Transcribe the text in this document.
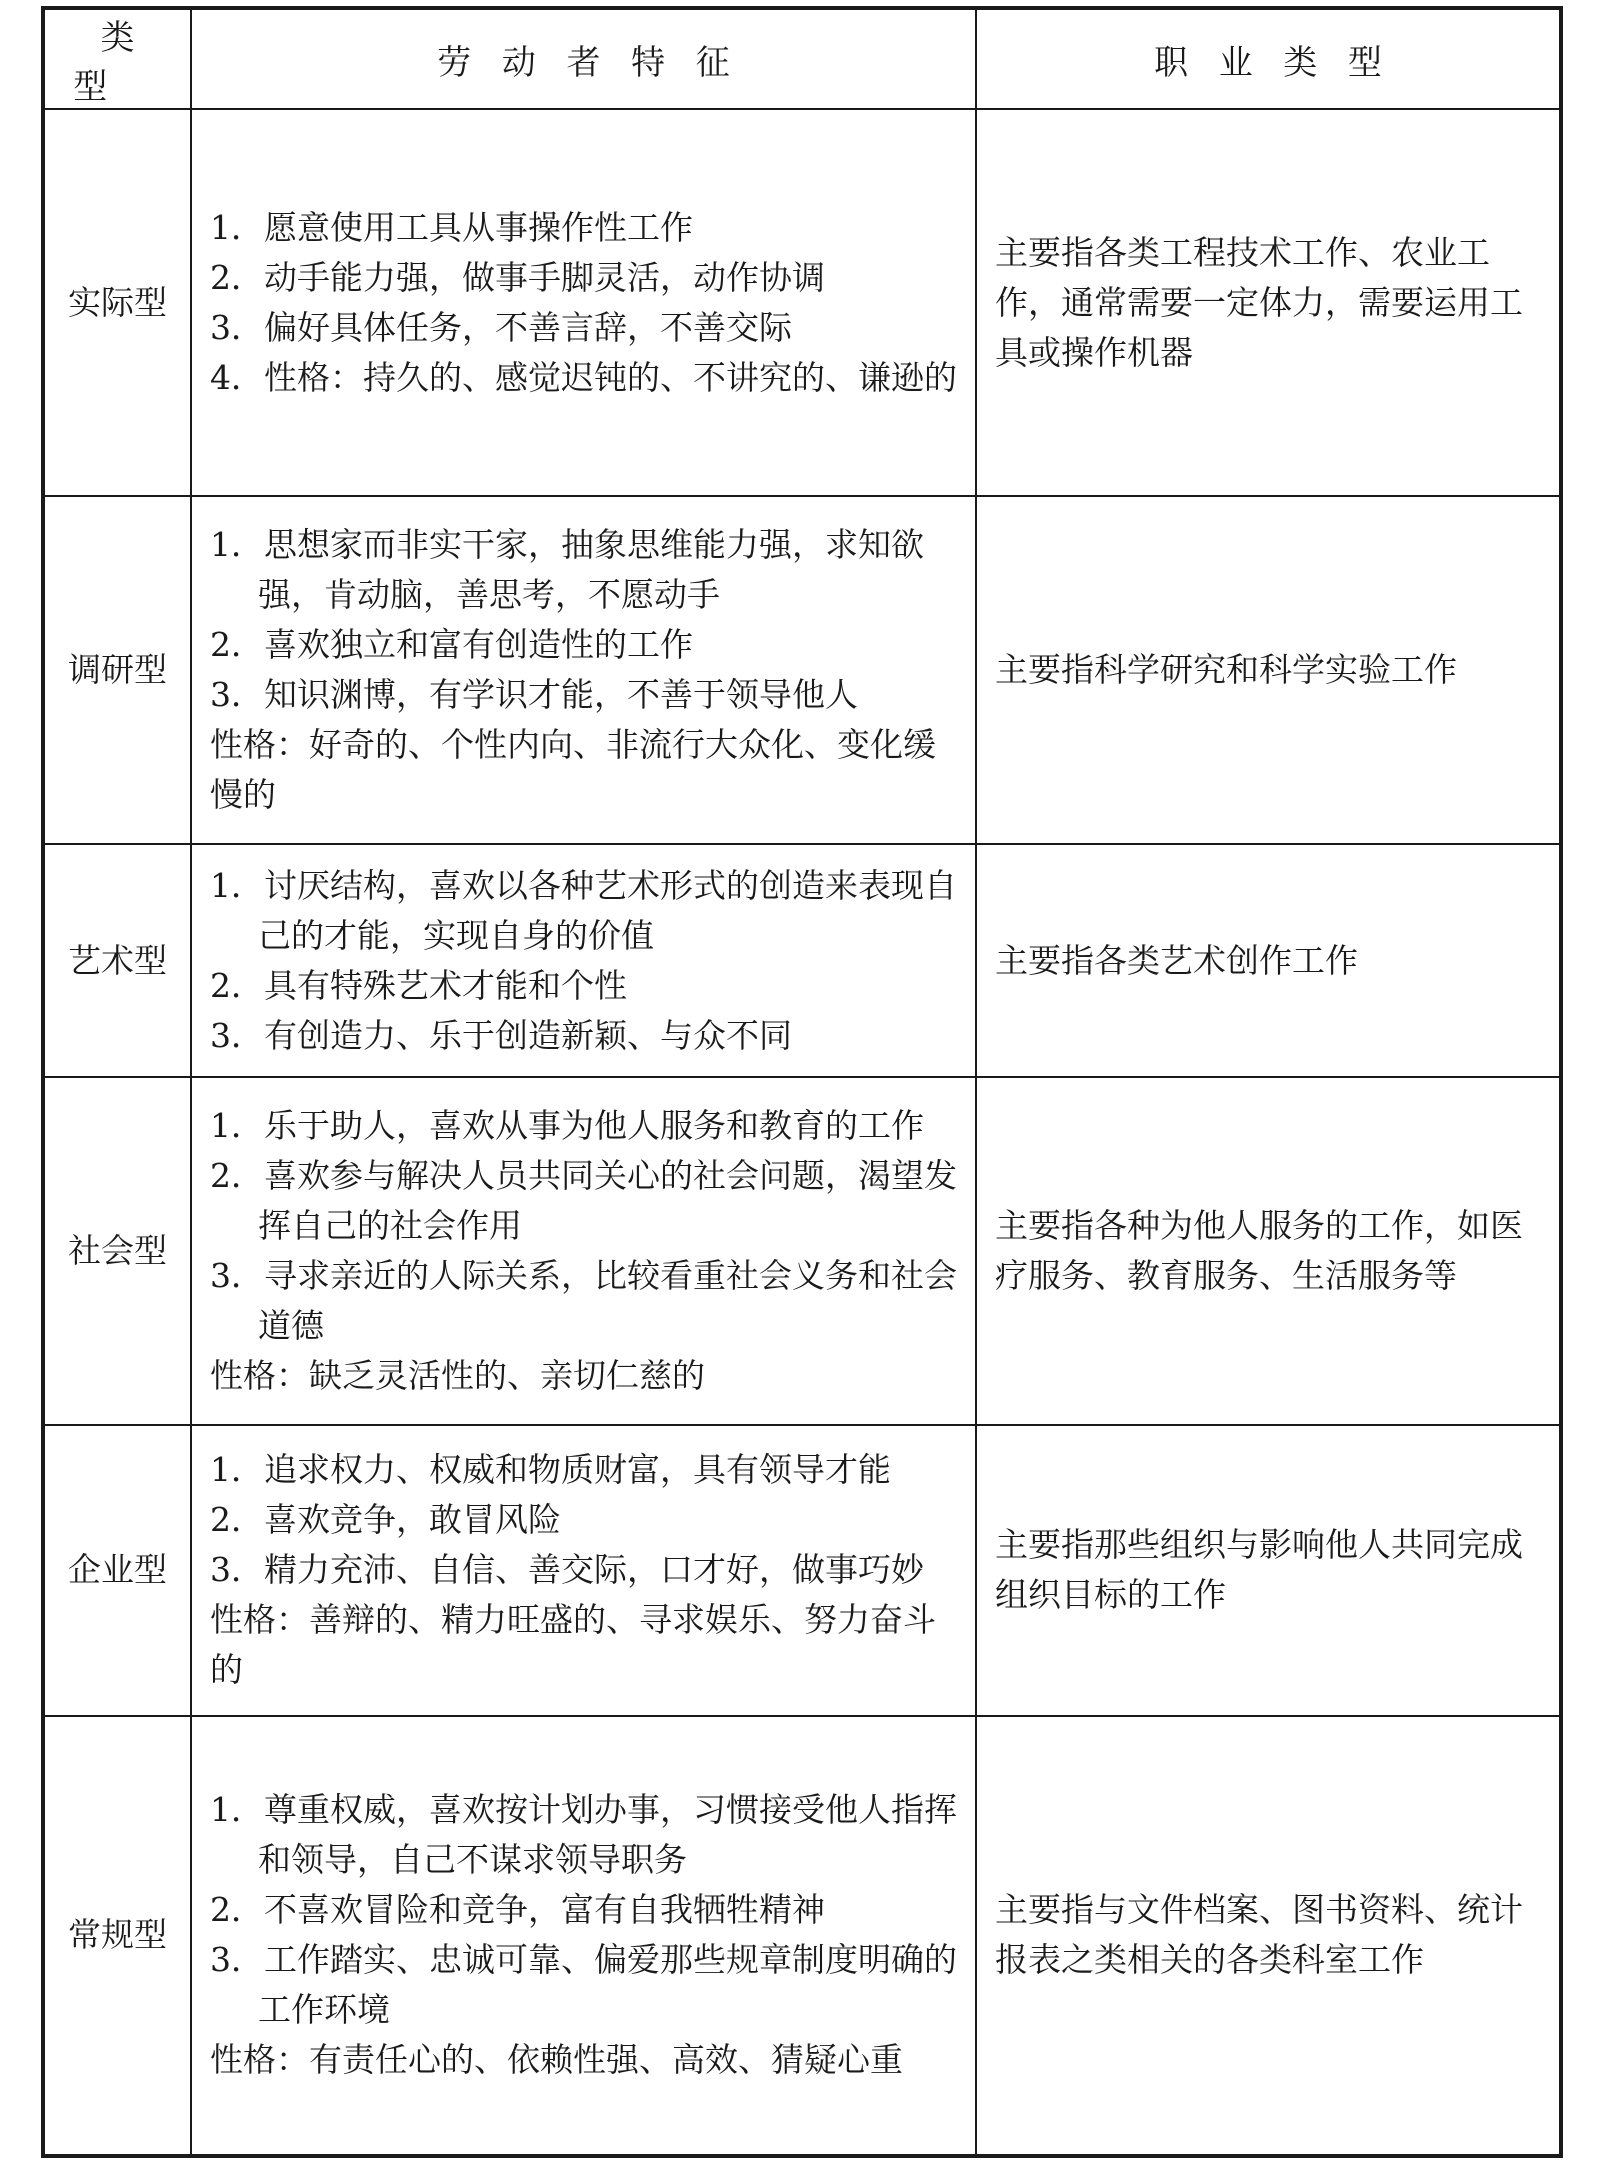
类型	劳动者特征	职业类型
实际型	1．愿意使用工具从事操作性工作
2．动手能力强，做事手脚灵活，动作协调
3．偏好具体任务，不善言辞，不善交际
4．性格：持久的、感觉迟钝的、不讲究的、谦逊的	主要指各类工程技术工作、农业工作，通常需要一定体力，需要运用工具或操作机器

调研型	1．思想家而非实干家，抽象思维能力强，求知欲强，肯动脑，善思考，不愿动手
2．喜欢独立和富有创造性的工作
3．知识渊博，有学识才能，不善于领导他人
性格：好奇的、个性内向、非流行大众化、变化缓慢的	主要指科学研究和科学实验工作

艺术型	1．讨厌结构，喜欢以各种艺术形式的创造来表现自己的才能，实现自身的价值
2．具有特殊艺术才能和个性
3．有创造力、乐于创造新颖、与众不同	主要指各类艺术创作工作

社会型	1．乐于助人，喜欢从事为他人服务和教育的工作
2．喜欢参与解决人员共同关心的社会问题，渴望发挥自己的社会作用
3．寻求亲近的人际关系，比较看重社会义务和社会道德
性格：缺乏灵活性的、亲切仁慈的	主要指各种为他人服务的工作，如医疗服务、教育服务、生活服务等

企业型	1．追求权力、权威和物质财富，具有领导才能
2．喜欢竞争，敢冒风险
3．精力充沛、自信、善交际，口才好，做事巧妙
性格：善辩的、精力旺盛的、寻求娱乐、努力奋斗的	主要指那些组织与影响他人共同完成组织目标的工作

常规型	1．尊重权威，喜欢按计划办事，习惯接受他人指挥和领导，自己不谋求领导职务
2．不喜欢冒险和竞争，富有自我牺牲精神
3．工作踏实、忠诚可靠、偏爱那些规章制度明确的工作环境
性格：有责任心的、依赖性强、高效、猜疑心重	主要指与文件档案、图书资料、统计报表之类相关的各类科室工作
